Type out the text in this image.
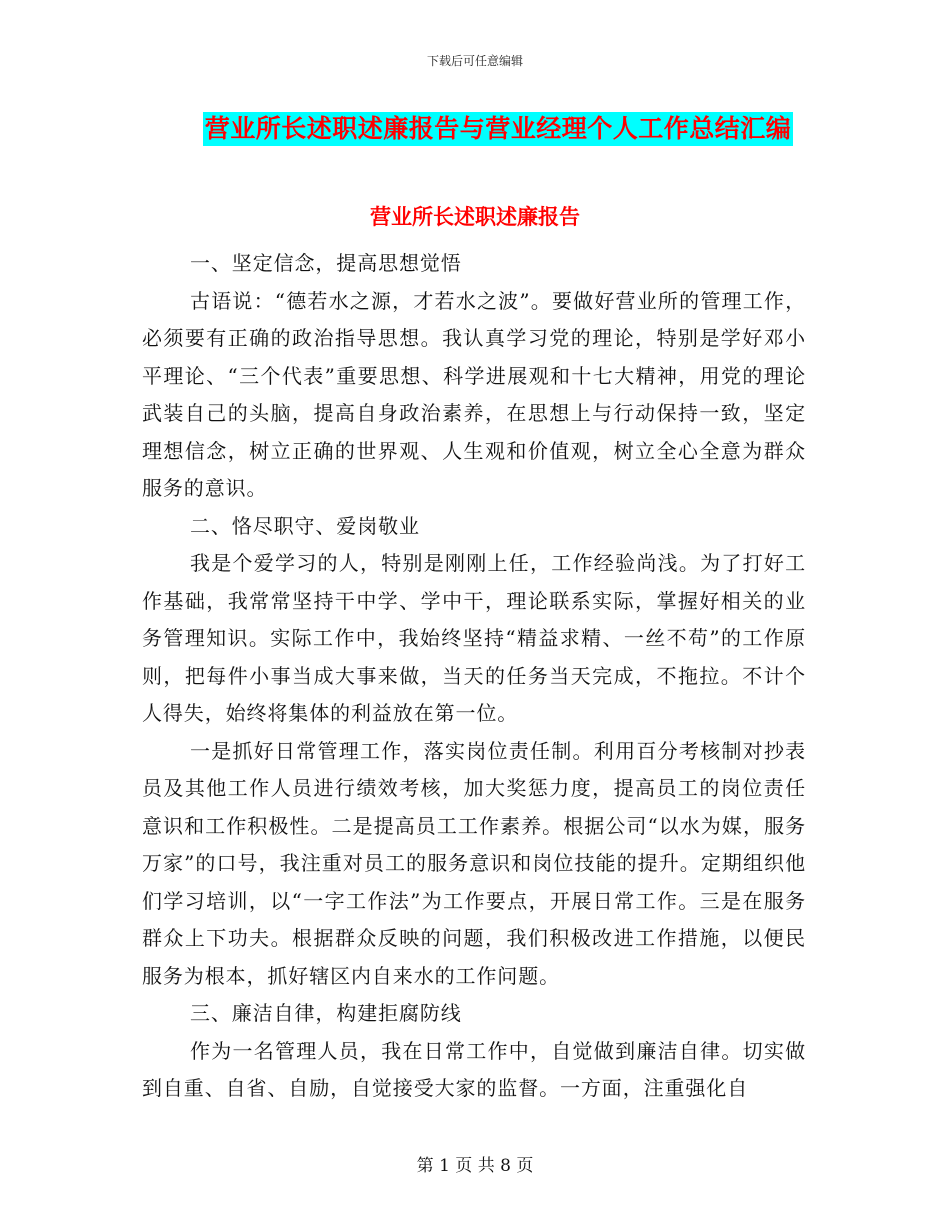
下载后可任意编辑
营业所长述职述廉报告与营业经理个人工作总结汇编
营业所长述职述廉报告

一、坚定信念，提高思想觉悟

古语说：“德若水之源，才若水之波”。要做好营业所的管理工作，必须要有正确的政治指导思想。我认真学习党的理论，特别是学好邓小平理论、“三个代表”重要思想、科学进展观和十七大精神，用党的理论武装自己的头脑，提高自身政治素养，在思想上与行动保持一致，坚定理想信念，树立正确的世界观、人生观和价值观，树立全心全意为群众服务的意识。

二、恪尽职守、爱岗敬业

我是个爱学习的人，特别是刚刚上任，工作经验尚浅。为了打好工作基础，我常常坚持干中学、学中干，理论联系实际，掌握好相关的业务管理知识。实际工作中，我始终坚持“精益求精、一丝不苟”的工作原则，把每件小事当成大事来做，当天的任务当天完成，不拖拉。不计个人得失，始终将集体的利益放在第一位。

一是抓好日常管理工作，落实岗位责任制。利用百分考核制对抄表员及其他工作人员进行绩效考核，加大奖惩力度，提高员工的岗位责任意识和工作积极性。二是提高员工工作素养。根据公司“以水为媒，服务万家”的口号，我注重对员工的服务意识和岗位技能的提升。定期组织他们学习培训，以“一字工作法”为工作要点，开展日常工作。三是在服务群众上下功夫。根据群众反映的问题，我们积极改进工作措施，以便民服务为根本，抓好辖区内自来水的工作问题。

三、廉洁自律，构建拒腐防线

作为一名管理人员，我在日常工作中，自觉做到廉洁自律。切实做到自重、自省、自励，自觉接受大家的监督。一方面，注重强化自

第 1 页 共 8 页
